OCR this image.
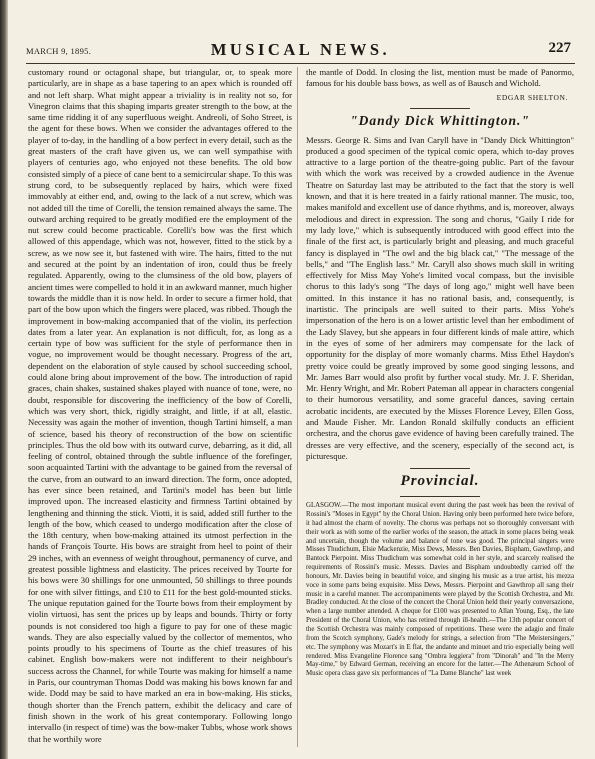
MARCH 9, 1895.	MUSICAL NEWS.	227

customary round or octagonal shape, but triangular, or, to speak more particularly, are in shape as a base tapering to an apex which is rounded off and not left sharp. What might appear a triviality is in reality not so, for Vinegron claims that this shaping imparts greater strength to the bow, at the same time ridding it of any superfluous weight. Andreoli, of Soho Street, is the agent for these bows. When we consider the advantages offered to the player of to-day, in the handling of a bow perfect in every detail, such as the great masters of the craft have given us, we can well sympathise with players of centuries ago, who enjoyed not these benefits. The old bow consisted simply of a piece of cane bent to a semicircular shape. To this was strung cord, to be subsequently replaced by hairs, which were fixed immovably at either end, and, owing to the lack of a nut screw, which was not added till the time of Corelli, the tension remained always the same. The outward arching required to be greatly modified ere the employment of the nut screw could become practicable. Corelli's bow was the first which allowed of this appendage, which was not, however, fitted to the stick by a screw, as we now see it, but fastened with wire. The hairs, fitted to the nut and secured at the point by an indentation of iron, could thus be freely regulated. Apparently, owing to the clumsiness of the old bow, players of ancient times were compelled to hold it in an awkward manner, much higher towards the middle than it is now held. In order to secure a firmer hold, that part of the bow upon which the fingers were placed, was ribbed. Though the improvement in bow-making accompanied that of the violin, its perfection dates from a later year. An explanation is not difficult, for, as long as a certain type of bow was sufficient for the style of performance then in vogue, no improvement would be thought necessary. Progress of the art, dependent on the elaboration of style caused by school succeeding school, could alone bring about improvement of the bow. The introduction of rapid graces, chain shakes, sustained shakes played with nuance of tone, were, no doubt, responsible for discovering the inefficiency of the bow of Corelli, which was very short, thick, rigidly straight, and little, if at all, elastic. Necessity was again the mother of invention, though Tartini himself, a man of science, based his theory of reconstruction of the bow on scientific principles. Thus the old bow with its outward curve, debarring, as it did, all feeling of control, obtained through the subtle influence of the forefinger, soon acquainted Tartini with the advantage to be gained from the reversal of the curve, from an outward to an inward direction. The form, once adopted, has ever since been retained, and Tartini's model has been but little improved upon. The increased elasticity and firmness Tartini obtained by lengthening and thinning the stick. Viotti, it is said, added still further to the length of the bow, which ceased to undergo modification after the close of the 18th century, when bow-making attained its utmost perfection in the hands of François Tourte. His bows are straight from heel to point of their 29 inches, with an evenness of weight throughout, permanency of curve, and greatest possible lightness and elasticity. The prices received by Tourte for his bows were 30 shillings for one unmounted, 50 shillings to three pounds for one with silver fittings, and £10 to £11 for the best gold-mounted sticks. The unique reputation gained for the Tourte bows from their employment by violin virtuosi, has sent the prices up by leaps and bounds. Thirty or forty pounds is not considered too high a figure to pay for one of these magic wands. They are also especially valued by the collector of mementos, who points proudly to his specimens of Tourte as the chief treasures of his cabinet. English bow-makers were not indifferent to their neighbour's success across the Channel, for while Tourte was making for himself a name in Paris, our countryman Thomas Dodd was making his bows known far and wide. Dodd may be said to have marked an era in bow-making. His sticks, though shorter than the French pattern, exhibit the delicacy and care of finish shown in the work of his great contemporary. Following longo intervallo (in respect of time) was the bow-maker Tubbs, whose work shows that he worthily wore

the mantle of Dodd. In closing the list, mention must be made of Panormo, famous for his double bass bows, as well as of Bausch and Wichold.

EDGAR SHELTON.
"Dandy Dick Whittington."

Messrs. George R. Sims and Ivan Caryll have in "Dandy Dick Whittington" produced a good specimen of the typical comic opera, which to-day proves attractive to a large portion of the theatre-going public. Part of the favour with which the work was received by a crowded audience in the Avenue Theatre on Saturday last may be attributed to the fact that the story is well known, and that it is here treated in a fairly rational manner. The music, too, makes manifold and excellent use of dance rhythms, and is, moreover, always melodious and direct in expression. The song and chorus, "Gaily I ride for my lady love," which is subsequently introduced with good effect into the finale of the first act, is particularly bright and pleasing, and much graceful fancy is displayed in "The owl and the big black cat," "The message of the bells," and "The English lass." Mr. Caryll also shows much skill in writing effectively for Miss May Yohe's limited vocal compass, but the invisible chorus to this lady's song "The days of long ago," might well have been omitted. In this instance it has no rational basis, and, consequently, is inartistic. The principals are well suited to their parts. Miss Yohe's impersonation of the hero is on a lower artistic level than her embodiment of the Lady Slavey, but she appears in four different kinds of male attire, which in the eyes of some of her admirers may compensate for the lack of opportunity for the display of more womanly charms. Miss Ethel Haydon's pretty voice could be greatly improved by some good singing lessons, and Mr. James Barr would also profit by further vocal study. Mr. J. F. Sheridan, Mr. Henry Wright, and Mr. Robert Pateman all appear in characters congenial to their humorous versatility, and some graceful dances, saving certain acrobatic incidents, are executed by the Misses Florence Levey, Ellen Goss, and Maude Fisher. Mr. Landon Ronald skilfully conducts an efficient orchestra, and the chorus gave evidence of having been carefully trained. The dresses are very effective, and the scenery, especially of the second act, is picturesque.

Provincial.

GLASGOW.—The most important musical event during the past week has been the revival of Rossini's "Moses in Egypt" by the Choral Union. Having only been performed here twice before, it had almost the charm of novelty. The chorus was perhaps not so thoroughly conversant with their work as with some of the earlier works of the season, the attack in some places being weak and uncertain, though the volume and balance of tone was good. The principal singers were Misses Thudichum, Elsie Mackenzie, Miss Dews, Messrs. Ben Davies, Bispham, Gawthrop, and Bantock Pierpoint. Miss Thudichum was somewhat cold in her style, and scarcely realised the requirements of Rossini's music. Messrs. Davies and Bispham undoubtedly carried off the honours, Mr. Davies being in beautiful voice, and singing his music as a true artist, his mezza voce in some parts being exquisite. Miss Dews, Messrs. Pierpoint and Gawthrop all sang their music in a careful manner. The accompaniments were played by the Scottish Orchestra, and Mr. Bradley conducted. At the close of the concert the Choral Union held their yearly conversazione, when a large number attended. A cheque for £100 was presented to Allan Young, Esq., the late President of the Choral Union, who has retired through ill-health.—The 13th popular concert of the Scottish Orchestra was mainly composed of repetitions. These were the adagio and finale from the Scotch symphony, Gade's melody for strings, a selection from "The Meistersingers," etc. The symphony was Mozart's in E flat, the andante and minuet and trio especially being well rendered. Miss Evangeline Florence sang "Ombra leggiera" from "Dinorah" and "In the Merry May-time," by Edward German, receiving an encore for the latter.—The Athenæum School of Music opera class gave six performances of "La Dame Blanche" last week
